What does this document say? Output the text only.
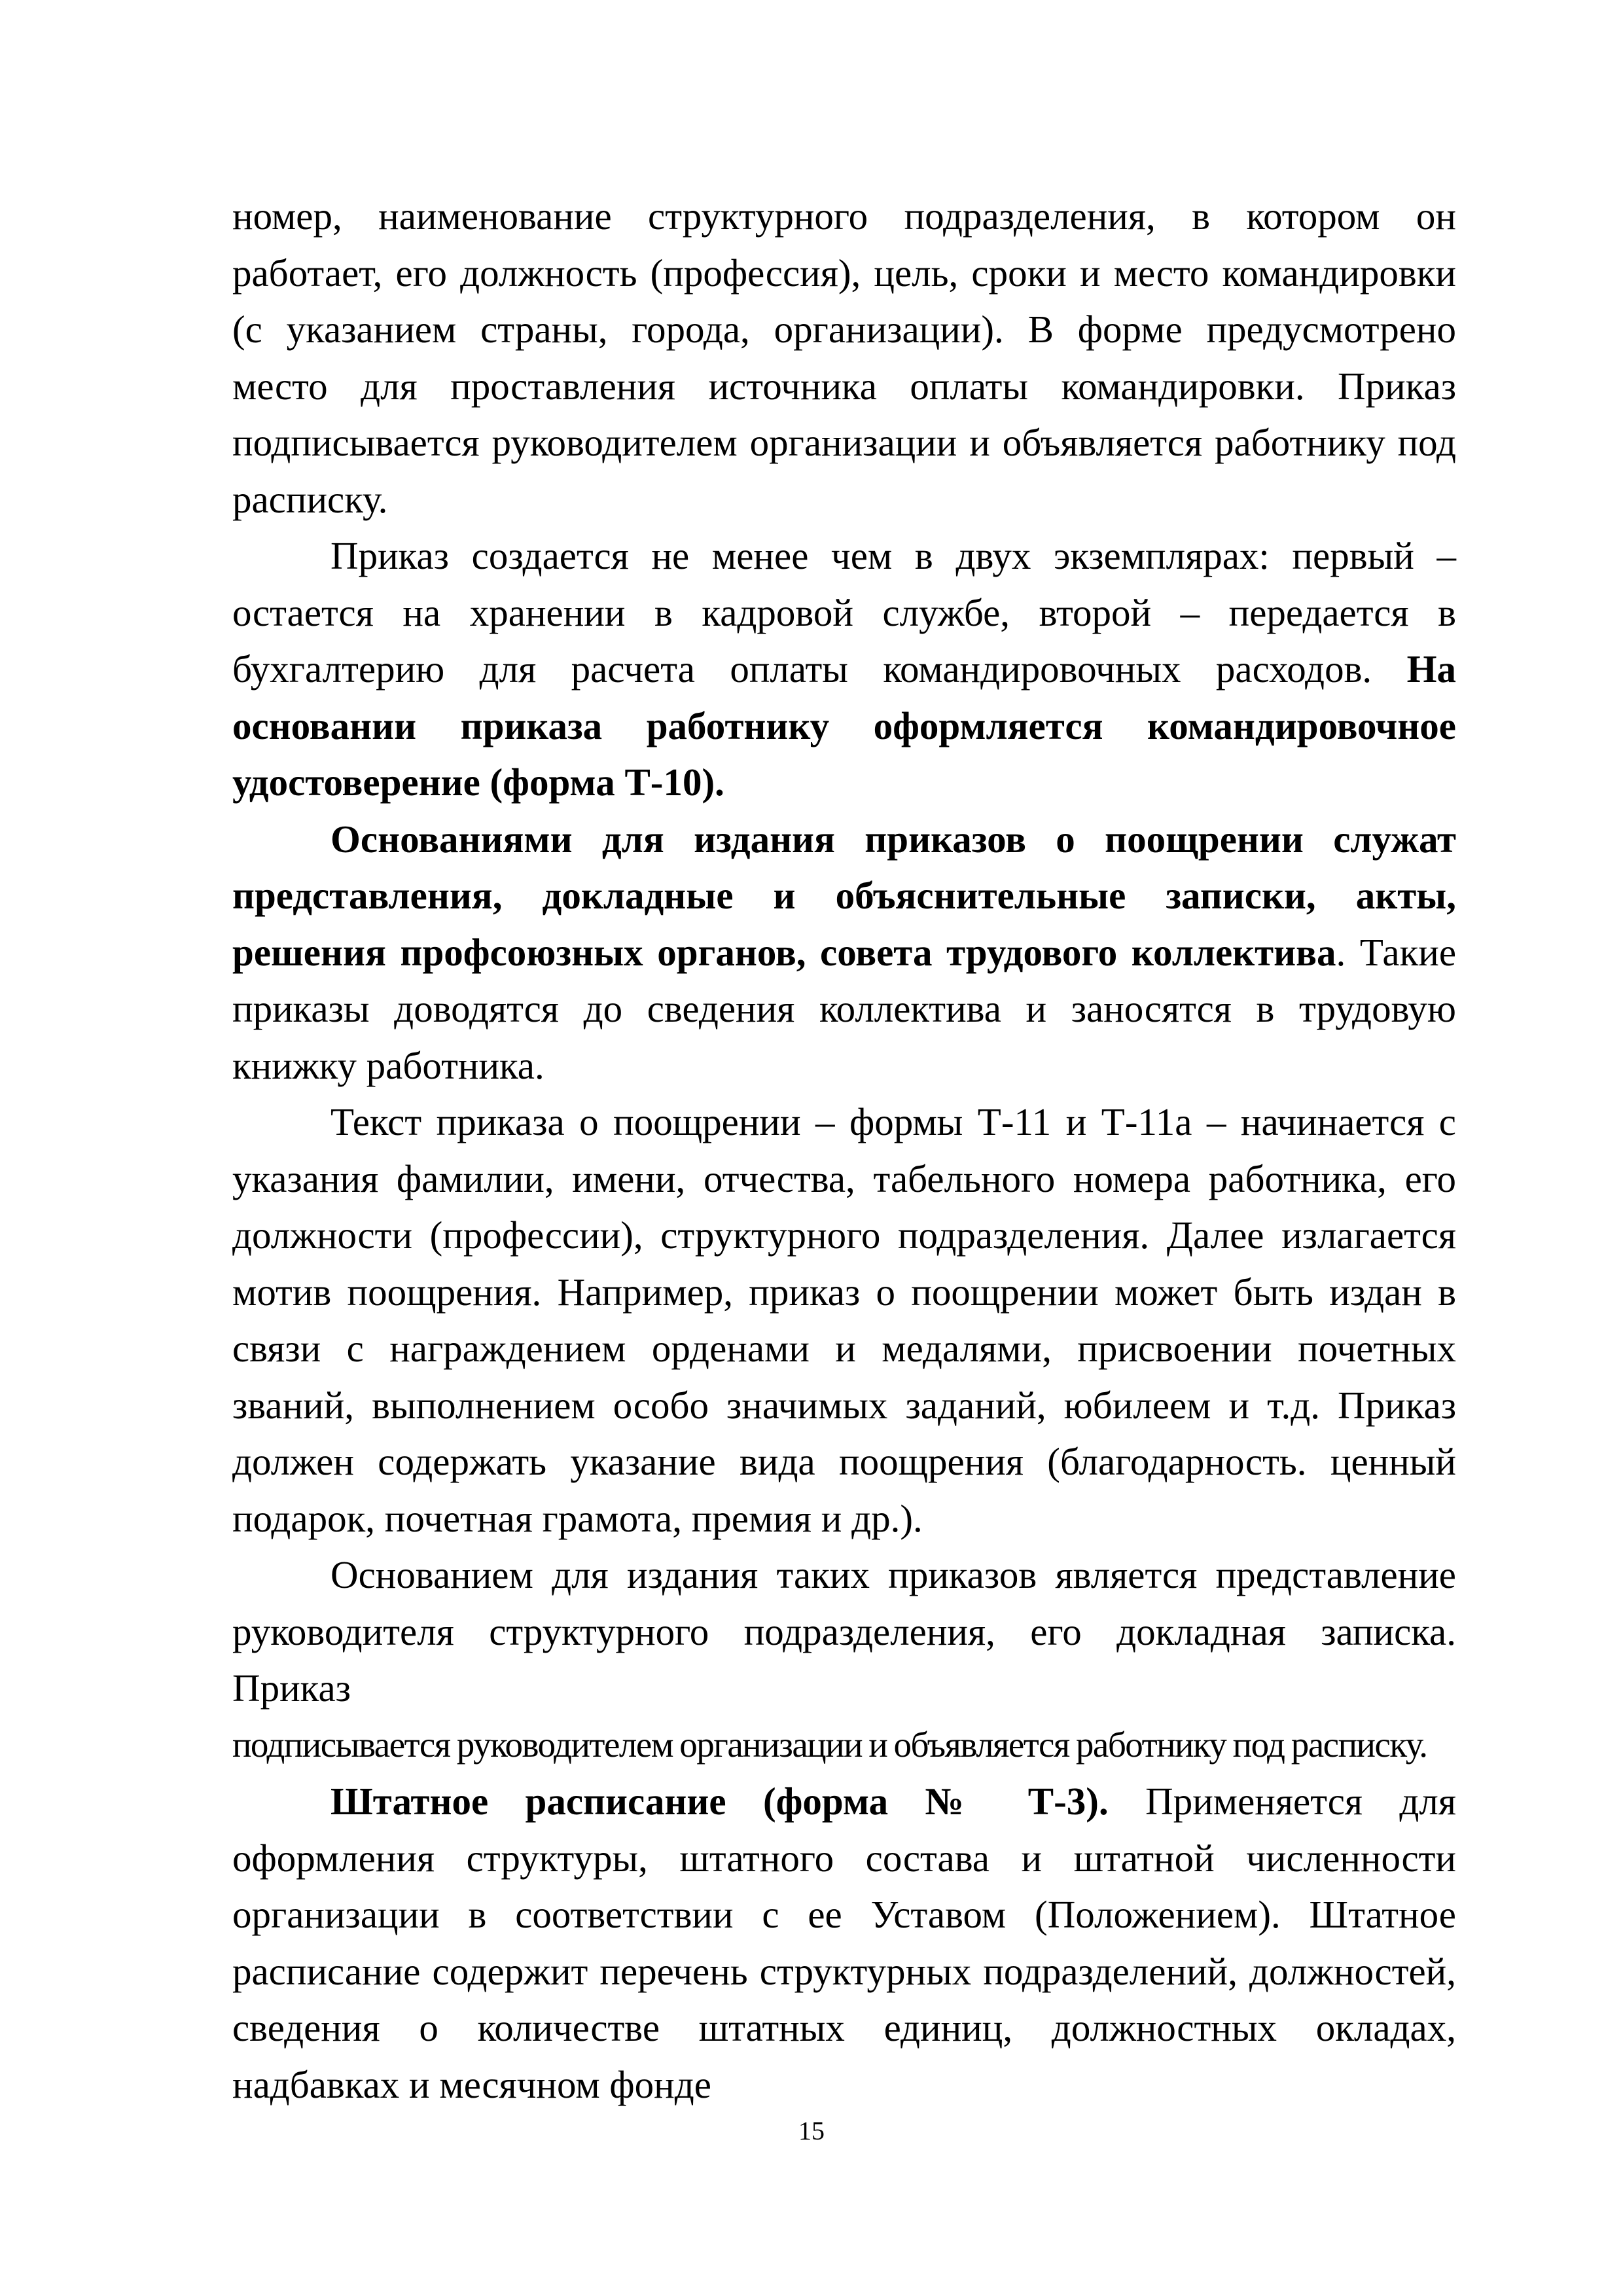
номер, наименование структурного подразделения, в котором он работает, его должность (профессия), цель, сроки и место командировки (с указанием страны, города, организации). В форме предусмотрено место для проставления источника оплаты командировки. Приказ подписывается руководителем организации и объявляется работнику под расписку.

Приказ создается не менее чем в двух экземплярах: первый – остается на хранении в кадровой службе, второй – передается в бухгалтерию для расчета оплаты командировочных расходов. На основании приказа работнику оформляется командировочное удостоверение (форма Т-10).

Основаниями для издания приказов о поощрении служат представления, докладные и объяснительные записки, акты, решения профсоюзных органов, совета трудового коллектива. Такие приказы доводятся до сведения коллектива и заносятся в трудовую книжку работника.

Текст приказа о поощрении – формы Т-11 и Т-11а – начинается с указания фамилии, имени, отчества, табельного номера работника, его должности (профессии), структурного подразделения. Далее излагается мотив поощрения. Например, приказ о поощрении может быть издан в связи с награждением орденами и медалями, присвоении почетных званий, выполнением особо значимых заданий, юбилеем и т.д. Приказ должен содержать указание вида поощрения (благодарность. ценный подарок, почетная грамота, премия и др.).

Основанием для издания таких приказов является представление руководителя структурного подразделения, его докладная записка. Приказ

подписывается руководителем организации и объявляется работнику под расписку.

Штатное расписание (форма № Т-3). Применяется для оформления структуры, штатного состава и штатной численности организации в соответствии с ее Уставом (Положением). Штатное расписание содержит перечень структурных подразделений, должностей, сведения о количестве штатных единиц, должностных окладах, надбавках и месячном фонде

15
